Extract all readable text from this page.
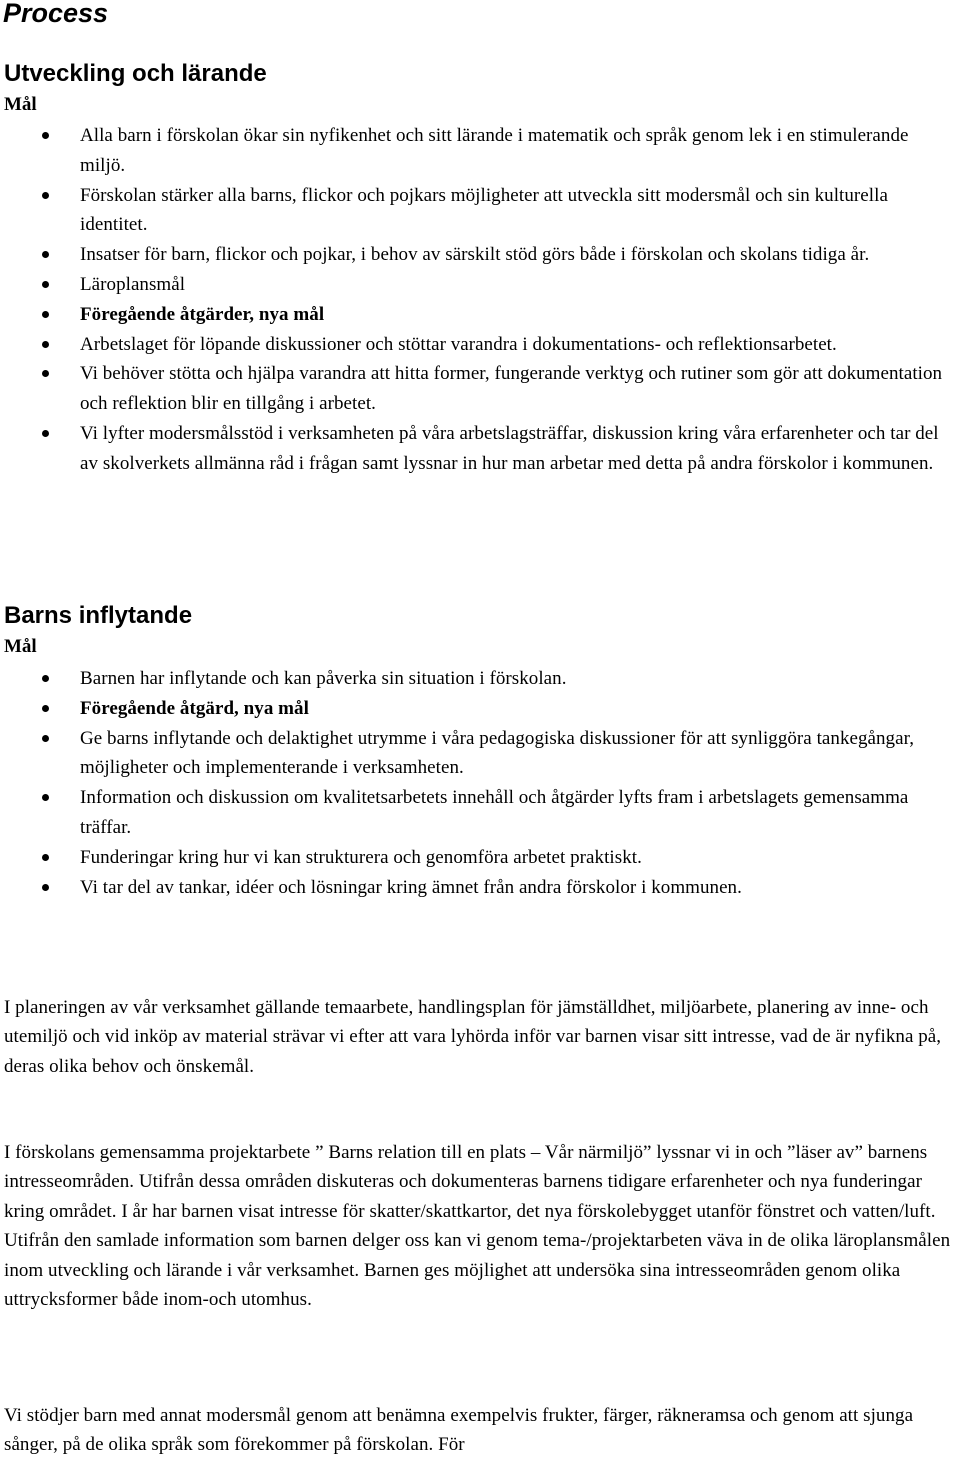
Process
Utveckling och lärande
Mål
Alla barn i förskolan ökar sin nyfikenhet och sitt lärande i matematik och språk genom lek i en stimulerande miljö.
Förskolan stärker alla barns, flickor och pojkars möjligheter att utveckla sitt modersmål och sin kulturella identitet.
Insatser för barn, flickor och pojkar, i behov av särskilt stöd görs både i förskolan och skolans tidiga år.
Läroplansmål
Föregående åtgärder, nya mål
Arbetslaget för löpande diskussioner och stöttar varandra i dokumentations- och reflektionsarbetet.
Vi behöver stötta och hjälpa varandra att hitta former, fungerande verktyg och rutiner som gör att dokumentation och reflektion blir en tillgång i arbetet.
Vi lyfter modersmålsstöd i verksamheten på våra arbetslagsträffar, diskussion kring våra erfarenheter och tar del av skolverkets allmänna råd i frågan samt lyssnar in hur man arbetar med detta på andra förskolor i kommunen.
Barns inflytande
Mål
Barnen har inflytande och kan påverka sin situation i förskolan.
Föregående åtgärd, nya mål
Ge barns inflytande och delaktighet utrymme i våra pedagogiska diskussioner för att synliggöra tankegångar, möjligheter och implementerande i verksamheten.
Information och diskussion om kvalitetsarbetets innehåll och åtgärder lyfts fram i arbetslagets gemensamma träffar.
Funderingar kring hur vi kan strukturera och genomföra arbetet praktiskt.
Vi tar del av tankar, idéer och lösningar kring ämnet från andra förskolor i kommunen.

I planeringen av vår verksamhet gällande temaarbete, handlingsplan för jämställdhet, miljöarbete, planering av inne- och utemiljö och vid inköp av material strävar vi efter att vara lyhörda inför var barnen visar sitt intresse, vad de är nyfikna på, deras olika behov och önskemål.

I förskolans gemensamma projektarbete ” Barns relation till en plats – Vår närmiljö” lyssnar vi in och ”läser av” barnens intresseområden. Utifrån dessa områden diskuteras och dokumenteras barnens tidigare erfarenheter och nya funderingar kring området. I år har barnen visat intresse för skatter/skattkartor, det nya förskolebygget utanför fönstret och vatten/luft. Utifrån den samlade information som barnen delger oss kan vi genom tema-/projektarbeten väva in de olika läroplansmålen inom utveckling och lärande i vår verksamhet. Barnen ges möjlighet att undersöka sina intresseområden genom olika uttrycksformer både inom-och utomhus.

Vi stödjer barn med annat modersmål genom att benämna exempelvis frukter, färger, räkneramsa och genom att sjunga sånger, på de olika språk som förekommer på förskolan. För
